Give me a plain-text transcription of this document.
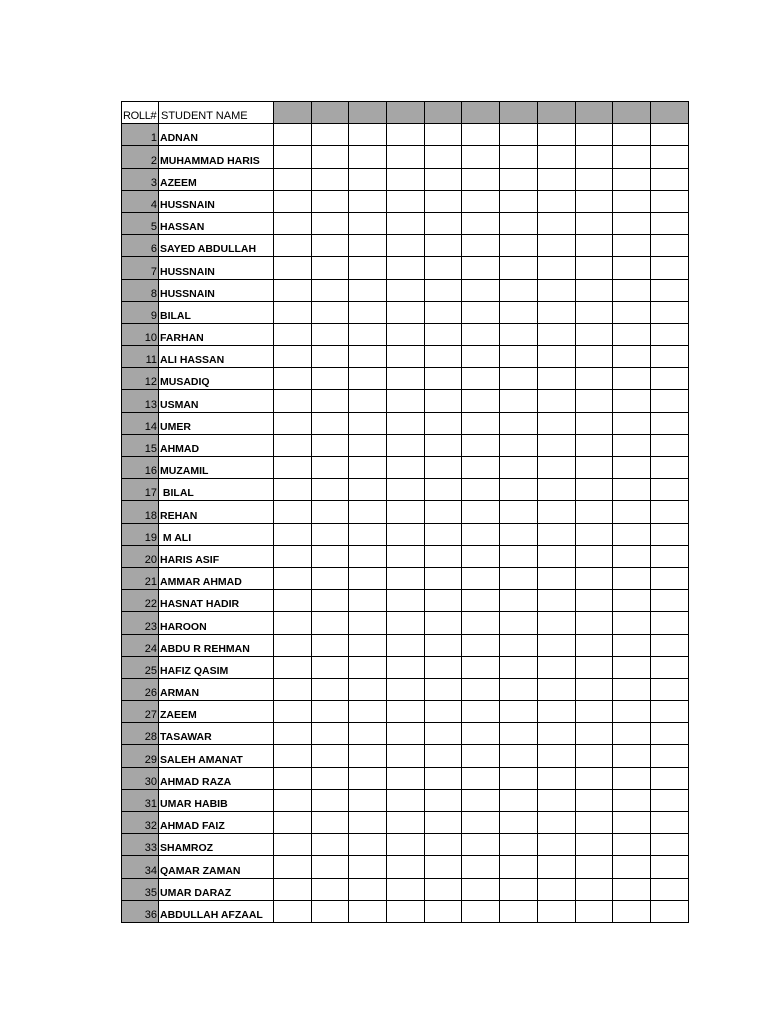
ROLL#	STUDENT NAME											
1	ADNAN											
2	MUHAMMAD HARIS											
3	AZEEM											
4	HUSSNAIN											
5	HASSAN											
6	SAYED ABDULLAH											
7	HUSSNAIN											
8	HUSSNAIN											
9	BILAL											
10	FARHAN											
11	ALI HASSAN											
12	MUSADIQ											
13	USMAN											
14	UMER											
15	AHMAD											
16	MUZAMIL											
17	BILAL											
18	REHAN											
19	M ALI											
20	HARIS ASIF											
21	AMMAR AHMAD											
22	HASNAT HADIR											
23	HAROON											
24	ABDU R REHMAN											
25	HAFIZ QASIM											
26	ARMAN											
27	ZAEEM											
28	TASAWAR											
29	SALEH AMANAT											
30	AHMAD RAZA											
31	UMAR HABIB											
32	AHMAD FAIZ											
33	SHAMROZ											
34	QAMAR ZAMAN											
35	UMAR DARAZ											
36	ABDULLAH AFZAAL											
